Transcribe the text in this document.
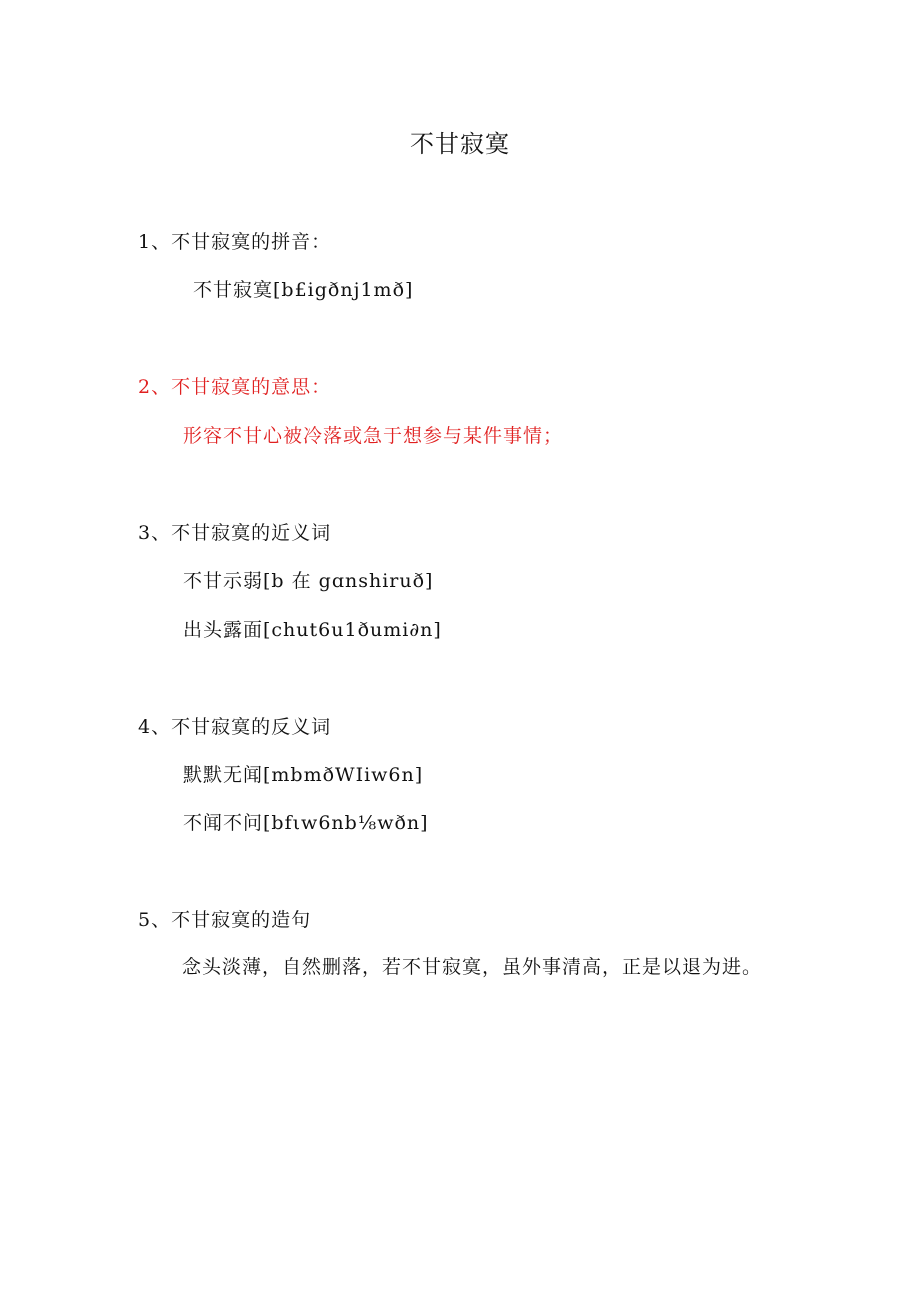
不甘寂寞
1、不甘寂寞的拼音：
不甘寂寞[b£igðnj1mð]
2、不甘寂寞的意思：
形容不甘心被冷落或急于想参与某件事情；
3、不甘寂寞的近义词
不甘示弱[b 在 gɑnshiruð]
出头露面[chut6u1ðumi∂n]
4、不甘寂寞的反义词
默默无闻[mbmðWIiw6n]
不闻不问[bfιw6nb⅛wðn]
5、不甘寂寞的造句
念头淡薄，自然删落，若不甘寂寞，虽外事清高，正是以退为进。
